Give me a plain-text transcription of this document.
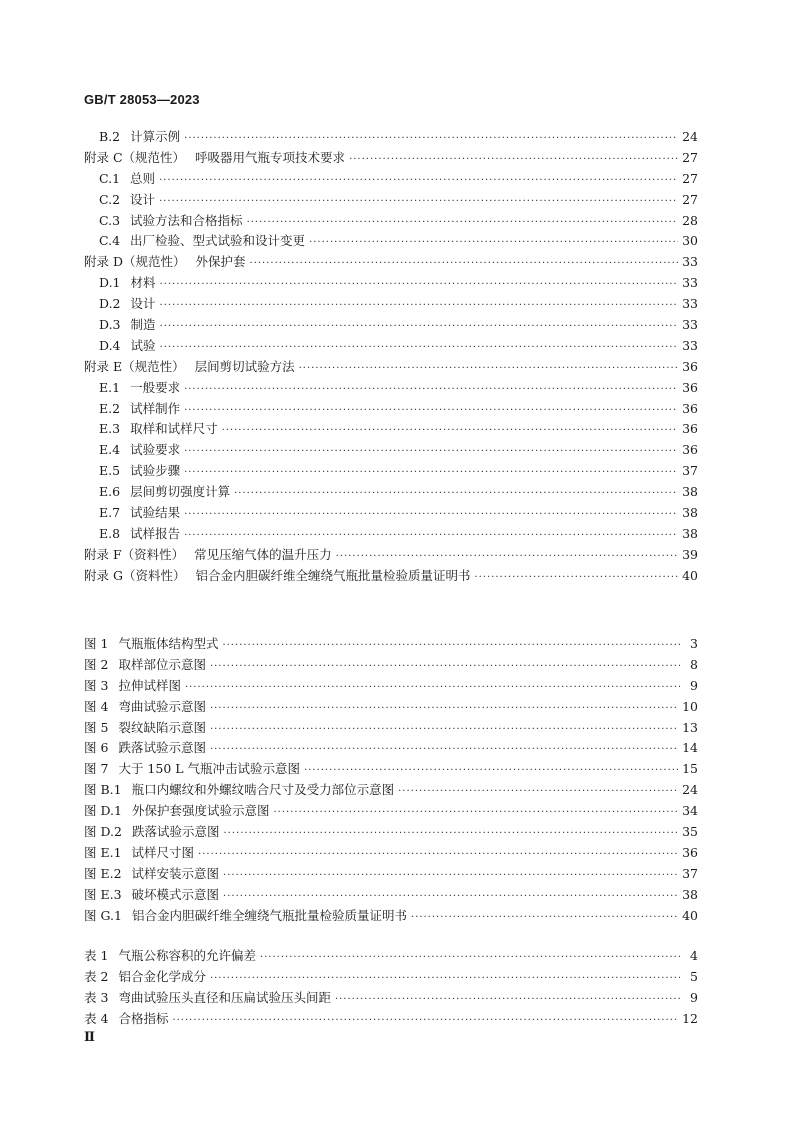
GB/T 28053—2023
B.2 计算示例 ·····	24
附录 C（规范性） 呼吸器用气瓶专项技术要求 ·····	27
C.1 总则 ·····	27
C.2 设计 ·····	27
C.3 试验方法和合格指标 ·····	28
C.4 出厂检验、型式试验和设计变更 ·····	30
附录 D（规范性） 外保护套 ·····	33
D.1 材料 ·····	33
D.2 设计 ·····	33
D.3 制造 ·····	33
D.4 试验 ·····	33
附录 E（规范性） 层间剪切试验方法 ·····	36
E.1 一般要求 ·····	36
E.2 试样制作 ·····	36
E.3 取样和试样尺寸 ·····	36
E.4 试验要求 ·····	36
E.5 试验步骤 ·····	37
E.6 层间剪切强度计算 ·····	38
E.7 试验结果 ·····	38
E.8 试样报告 ·····	38
附录 F（资料性） 常见压缩气体的温升压力 ·····	39
附录 G（资料性） 铝合金内胆碳纤维全缠绕气瓶批量检验质量证明书 ·····	40
图 1 气瓶瓶体结构型式 ·····	3
图 2 取样部位示意图 ·····	8
图 3 拉伸试样图 ·····	9
图 4 弯曲试验示意图 ·····	10
图 5 裂纹缺陷示意图 ·····	13
图 6 跌落试验示意图 ·····	14
图 7 大于 150 L 气瓶冲击试验示意图 ·····	15
图 B.1 瓶口内螺纹和外螺纹啮合尺寸及受力部位示意图 ·····	24
图 D.1 外保护套强度试验示意图 ·····	34
图 D.2 跌落试验示意图 ·····	35
图 E.1 试样尺寸图 ·····	36
图 E.2 试样安装示意图 ·····	37
图 E.3 破坏模式示意图 ·····	38
图 G.1 铝合金内胆碳纤维全缠绕气瓶批量检验质量证明书 ·····	40
表 1 气瓶公称容积的允许偏差 ·····	4
表 2 铝合金化学成分 ·····	5
表 3 弯曲试验压头直径和压扁试验压头间距 ·····	9
表 4 合格指标 ·····	12
Ⅱ
